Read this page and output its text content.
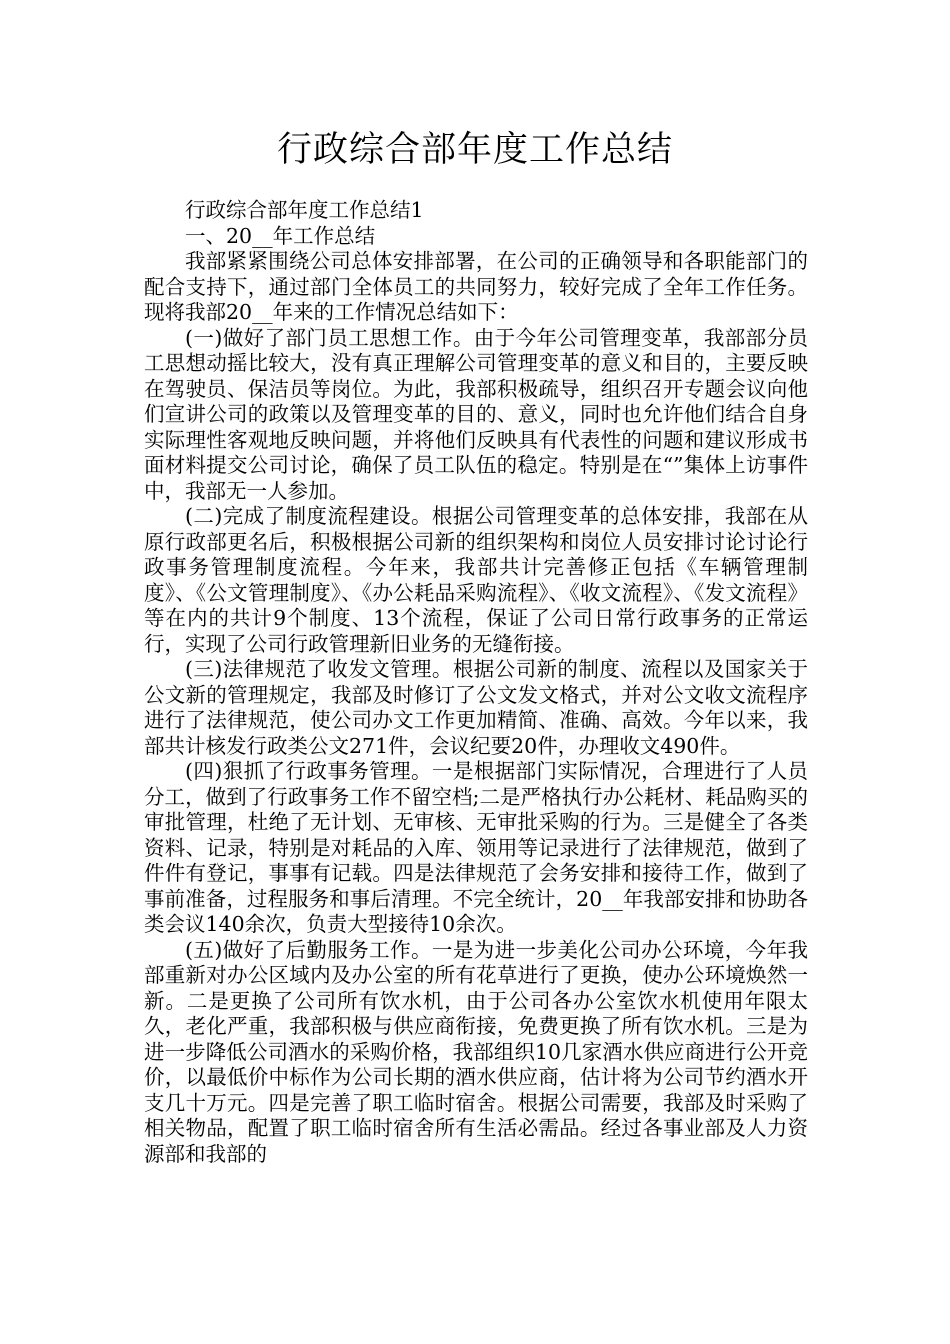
行政综合部年度工作总结

行政综合部年度工作总结1

一、20__年工作总结

我部紧紧围绕公司总体安排部署，在公司的正确领导和各职能部门的配合支持下，通过部门全体员工的共同努力，较好完成了全年工作任务。现将我部20__年来的工作情况总结如下：

(一)做好了部门员工思想工作。由于今年公司管理变革，我部部分员工思想动摇比较大，没有真正理解公司管理变革的意义和目的，主要反映在驾驶员、保洁员等岗位。为此，我部积极疏导，组织召开专题会议向他们宣讲公司的政策以及管理变革的目的、意义，同时也允许他们结合自身实际理性客观地反映问题，并将他们反映具有代表性的问题和建议形成书面材料提交公司讨论，确保了员工队伍的稳定。特别是在“”集体上访事件中，我部无一人参加。

(二)完成了制度流程建设。根据公司管理变革的总体安排，我部在从原行政部更名后，积极根据公司新的组织架构和岗位人员安排讨论讨论行政事务管理制度流程。今年来，我部共计完善修正包括《车辆管理制度》、《公文管理制度》、《办公耗品采购流程》、《收文流程》、《发文流程》等在内的共计9个制度、13个流程，保证了公司日常行政事务的正常运行，实现了公司行政管理新旧业务的无缝衔接。

(三)法律规范了收发文管理。根据公司新的制度、流程以及国家关于公文新的管理规定，我部及时修订了公文发文格式，并对公文收文流程序进行了法律规范，使公司办文工作更加精简、准确、高效。今年以来，我部共计核发行政类公文271件，会议纪要20件，办理收文490件。

(四)狠抓了行政事务管理。一是根据部门实际情况，合理进行了人员分工，做到了行政事务工作不留空档;二是严格执行办公耗材、耗品购买的审批管理，杜绝了无计划、无审核、无审批采购的行为。三是健全了各类资料、记录，特别是对耗品的入库、领用等记录进行了法律规范，做到了件件有登记，事事有记载。四是法律规范了会务安排和接待工作，做到了事前准备，过程服务和事后清理。不完全统计，20__年我部安排和协助各类会议140余次，负责大型接待10余次。

(五)做好了后勤服务工作。一是为进一步美化公司办公环境，今年我部重新对办公区域内及办公室的所有花草进行了更换，使办公环境焕然一新。二是更换了公司所有饮水机，由于公司各办公室饮水机使用年限太久，老化严重，我部积极与供应商衔接，免费更换了所有饮水机。三是为进一步降低公司酒水的采购价格，我部组织10几家酒水供应商进行公开竞价，以最低价中标作为公司长期的酒水供应商，估计将为公司节约酒水开支几十万元。四是完善了职工临时宿舍。根据公司需要，我部及时采购了相关物品，配置了职工临时宿舍所有生活必需品。经过各事业部及人力资源部和我部的
